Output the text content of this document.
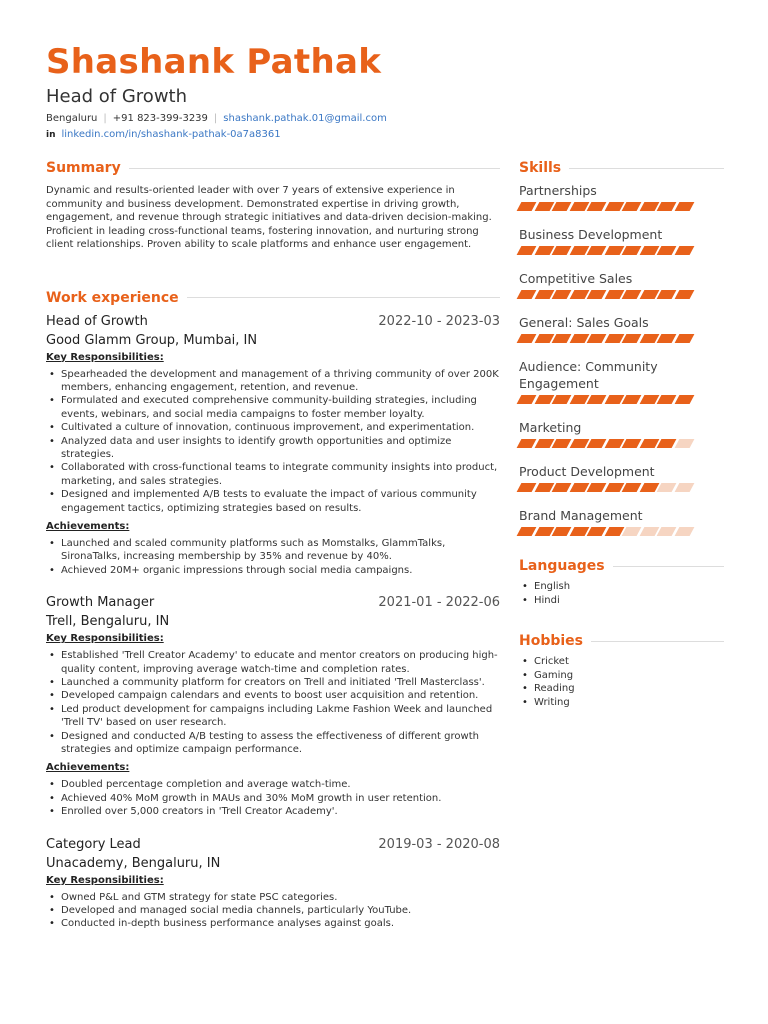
Shashank Pathak
Head of Growth
Bengaluru | +91 823-399-3239 | shashank.pathak.01@gmail.com
in linkedin.com/in/shashank-pathak-0a7a8361
Summary

Dynamic and results-oriented leader with over 7 years of extensive experience in community and business development. Demonstrated expertise in driving growth, engagement, and revenue through strategic initiatives and data-driven decision-making. Proficient in leading cross-functional teams, fostering innovation, and nurturing strong client relationships. Proven ability to scale platforms and enhance user engagement.

Work experience
Head of Growth	2022-10 - 2023-03
Good Glamm Group, Mumbai, IN
Key Responsibilities:
• Spearheaded the development and management of a thriving community of over 200K members, enhancing engagement, retention, and revenue.
• Formulated and executed comprehensive community-building strategies, including events, webinars, and social media campaigns to foster member loyalty.
• Cultivated a culture of innovation, continuous improvement, and experimentation.
• Analyzed data and user insights to identify growth opportunities and optimize strategies.
• Collaborated with cross-functional teams to integrate community insights into product, marketing, and sales strategies.
• Designed and implemented A/B tests to evaluate the impact of various community engagement tactics, optimizing strategies based on results.
Achievements:
• Launched and scaled community platforms such as Momstalks, GlammTalks, SironaTalks, increasing membership by 35% and revenue by 40%.
• Achieved 20M+ organic impressions through social media campaigns.
Growth Manager	2021-01 - 2022-06
Trell, Bengaluru, IN
Key Responsibilities:
• Established 'Trell Creator Academy' to educate and mentor creators on producing high-quality content, improving average watch-time and completion rates.
• Launched a community platform for creators on Trell and initiated 'Trell Masterclass'.
• Developed campaign calendars and events to boost user acquisition and retention.
• Led product development for campaigns including Lakme Fashion Week and launched 'Trell TV' based on user research.
• Designed and conducted A/B testing to assess the effectiveness of different growth strategies and optimize campaign performance.
Achievements:
• Doubled percentage completion and average watch-time.
• Achieved 40% MoM growth in MAUs and 30% MoM growth in user retention.
• Enrolled over 5,000 creators in 'Trell Creator Academy'.
Category Lead	2019-03 - 2020-08
Unacademy, Bengaluru, IN
Key Responsibilities:
• Owned P&L and GTM strategy for state PSC categories.
• Developed and managed social media channels, particularly YouTube.
• Conducted in-depth business performance analyses against goals.
Skills
Partnerships
Business Development
Competitive Sales
General: Sales Goals
Audience: Community Engagement
Marketing
Product Development
Brand Management
Languages
• English
• Hindi
Hobbies
• Cricket
• Gaming
• Reading
• Writing
